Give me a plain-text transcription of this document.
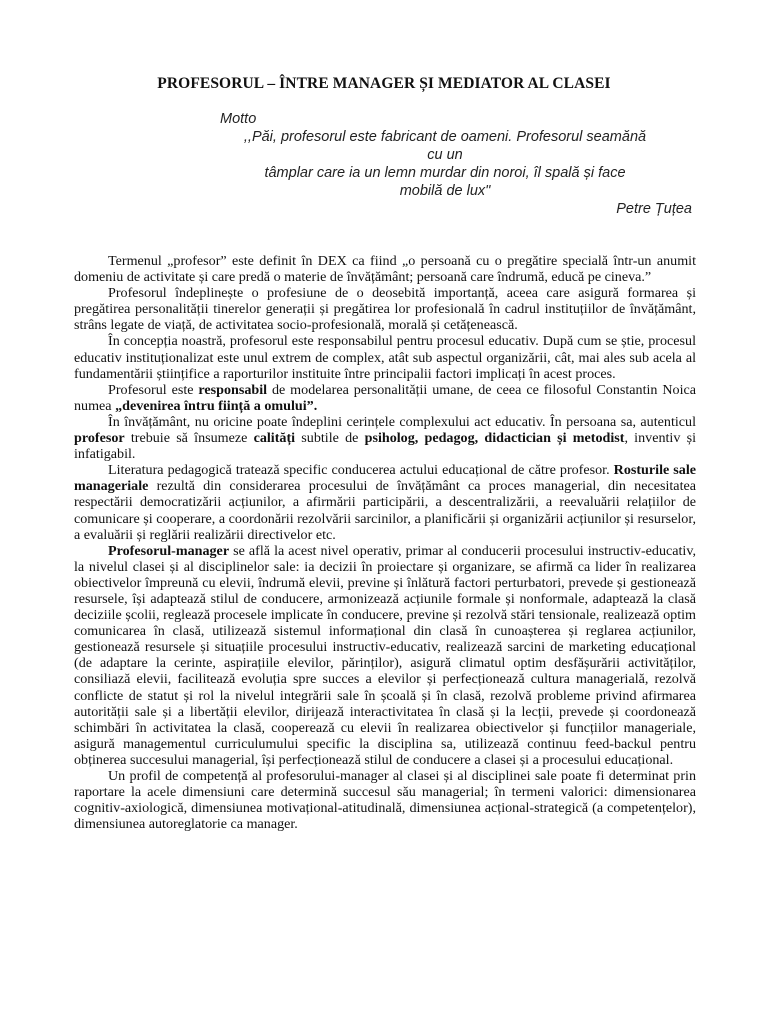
PROFESORUL – ÎNTRE MANAGER ȘI MEDIATOR AL CLASEI
Motto
,,Păi, profesorul este fabricant de oameni. Profesorul seamănă
cu un
tâmplar care ia un lemn murdar din noroi, îl spală și face
mobilă de lux"
Petre Țuțea

Termenul „profesor” este definit în DEX ca fiind „o persoană cu o pregătire specială într-un anumit domeniu de activitate și care predă o materie de învățământ; persoană care îndrumă, educă pe cineva.”

Profesorul îndeplinește o profesiune de o deosebită importanță, aceea care asigură formarea și pregătirea personalității tinerelor generații și pregătirea lor profesională în cadrul instituțiilor de învățământ, strâns legate de viață, de activitatea socio-profesională, morală și cetățenească.

În concepția noastră, profesorul este responsabilul pentru procesul educativ. După cum se știe, procesul educativ instituționalizat este unul extrem de complex, atât sub aspectul organizării, cât, mai ales sub acela al fundamentării științifice a raporturilor instituite între principalii factori implicați în acest proces.

Profesorul este responsabil de modelarea personalității umane, de ceea ce filosoful Constantin Noica numea „devenirea întru ființă a omului”.

În învățământ, nu oricine poate îndeplini cerințele complexului act educativ. În persoana sa, autenticul profesor trebuie să însumeze calități subtile de psiholog, pedagog, didactician și metodist, inventiv și infatigabil.

Literatura pedagogică tratează specific conducerea actului educațional de către profesor. Rosturile sale manageriale rezultă din considerarea procesului de învățământ ca proces managerial, din necesitatea respectării democratizării acțiunilor, a afirmării participării, a descentralizării, a reevaluării relațiilor de comunicare și cooperare, a coordonării rezolvării sarcinilor, a planificării și organizării acțiunilor și resurselor, a evaluării și reglării realizării directivelor etc.

Profesorul-manager se află la acest nivel operativ, primar al conducerii procesului instructiv-educativ, la nivelul clasei și al disciplinelor sale: ia decizii în proiectare și organizare, se afirmă ca lider în realizarea obiectivelor împreună cu elevii, îndrumă elevii, previne și înlătură factori perturbatori, prevede și gestionează resursele, își adaptează stilul de conducere, armonizează acțiunile formale și nonformale, adaptează la clasă deciziile școlii, reglează procesele implicate în conducere, previne și rezolvă stări tensionale, realizează optim comunicarea în clasă, utilizează sistemul informațional din clasă în cunoașterea și reglarea acțiunilor, gestionează resursele și situațiile procesului instructiv-educativ, realizează sarcini de marketing educațional (de adaptare la cerinte, aspirațiile elevilor, părinților), asigură climatul optim desfășurării activităților, consiliază elevii, facilitează evoluția spre succes a elevilor și perfecționează cultura managerială, rezolvă conflicte de statut și rol la nivelul integrării sale în școală și în clasă, rezolvă probleme privind afirmarea autorității sale și a libertății elevilor, dirijează interactivitatea în clasă și la lecții, prevede și coordonează schimbări în activitatea la clasă, cooperează cu elevii în realizarea obiectivelor și funcțiilor manageriale, asigură managementul curriculumului specific la disciplina sa, utilizează continuu feed-backul pentru obținerea succesului managerial, își perfecționează stilul de conducere a clasei și a procesului educațional.

Un profil de competență al profesorului-manager al clasei și al disciplinei sale poate fi determinat prin raportare la acele dimensiuni care determină succesul său managerial; în termeni valorici: dimensionarea cognitiv-axiologică, dimensiunea motivațional-atitudinală, dimensiunea acțional-strategică (a competențelor), dimensiunea autoreglatorie ca manager.
